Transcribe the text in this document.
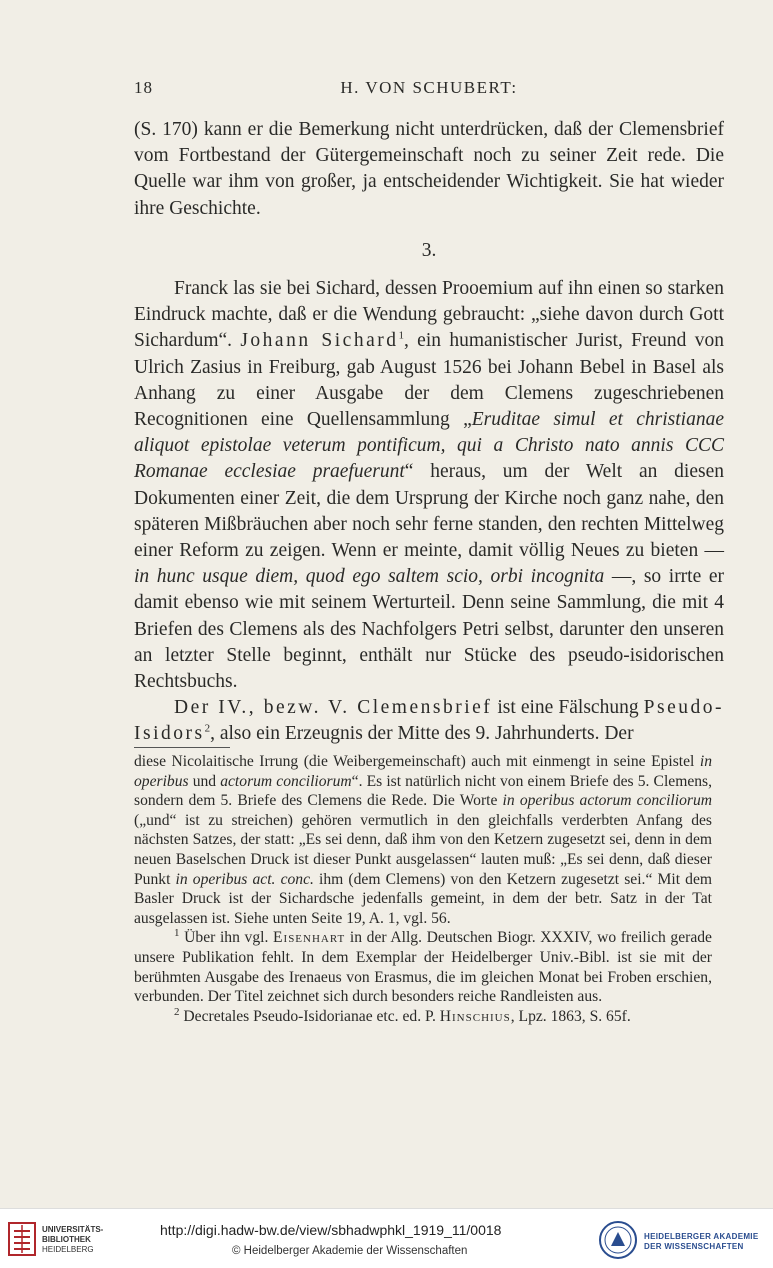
18	H. VON SCHUBERT:

(S. 170) kann er die Bemerkung nicht unterdrücken, daß der Clemensbrief vom Fortbestand der Gütergemeinschaft noch zu seiner Zeit rede. Die Quelle war ihm von großer, ja entscheidender Wichtigkeit. Sie hat wieder ihre Geschichte.

3.

Franck las sie bei Sichard, dessen Prooemium auf ihn einen so starken Eindruck machte, daß er die Wendung gebraucht: „siehe davon durch Gott Sichardum“. Johann Sichard$^1$, ein humanistischer Jurist, Freund von Ulrich Zasius in Freiburg, gab August 1526 bei Johann Bebel in Basel als Anhang zu einer Ausgabe der dem Clemens zugeschriebenen Recognitionen eine Quellensammlung „Eruditae simul et christianae aliquot epistolae veterum pontificum, qui a Christo nato annis CCC Romanae ecclesiae praefuerunt“ heraus, um der Welt an diesen Dokumenten einer Zeit, die dem Ursprung der Kirche noch ganz nahe, den späteren Mißbräuchen aber noch sehr ferne standen, den rechten Mittelweg einer Reform zu zeigen. Wenn er meinte, damit völlig Neues zu bieten — in hunc usque diem, quod ego saltem scio, orbi incognita —, so irrte er damit ebenso wie mit seinem Werturteil. Denn seine Sammlung, die mit 4 Briefen des Clemens als des Nachfolgers Petri selbst, darunter den unseren an letzter Stelle beginnt, enthält nur Stücke des pseudo-isidorischen Rechtsbuchs.

Der IV., bezw. V. Clemensbrief ist eine Fälschung Pseudo-Isidors$^2$, also ein Erzeugnis der Mitte des 9. Jahrhunderts. Der

diese Nicolaitische Irrung (die Weibergemeinschaft) auch mit einmengt in seine Epistel in operibus und actorum conciliorum“. Es ist natürlich nicht von einem Briefe des 5. Clemens, sondern dem 5. Briefe des Clemens die Rede. Die Worte in operibus actorum conciliorum („und“ ist zu streichen) gehören vermutlich in den gleichfalls verderbten Anfang des nächsten Satzes, der statt: „Es sei denn, daß ihm von den Ketzern zugesetzt sei, denn in dem neuen Baselschen Druck ist dieser Punkt ausgelassen“ lauten muß: „Es sei denn, daß dieser Punkt in operibus act. conc. ihm (dem Clemens) von den Ketzern zugesetzt sei.“ Mit dem Basler Druck ist der Sichardsche jedenfalls gemeint, in dem der betr. Satz in der Tat ausgelassen ist. Siehe unten Seite 19, A. 1, vgl. 56.

$^1$ Über ihn vgl. Eisenhart in der Allg. Deutschen Biogr. XXXIV, wo freilich gerade unsere Publikation fehlt. In dem Exemplar der Heidelberger Univ.-Bibl. ist sie mit der berühmten Ausgabe des Irenaeus von Erasmus, die im gleichen Monat bei Froben erschien, verbunden. Der Titel zeichnet sich durch besonders reiche Randleisten aus.

$^2$ Decretales Pseudo-Isidorianae etc. ed. P. Hinschius, Lpz. 1863, S. 65f.

UNIVERSITÄTS-
BIBLIOTHEK
HEIDELBERG
http://digi.hadw-bw.de/view/sbhadwphkl_1919_11/0018
© Heidelberger Akademie der Wissenschaften
HEIDELBERGER AKADEMIE
DER WISSENSCHAFTEN
